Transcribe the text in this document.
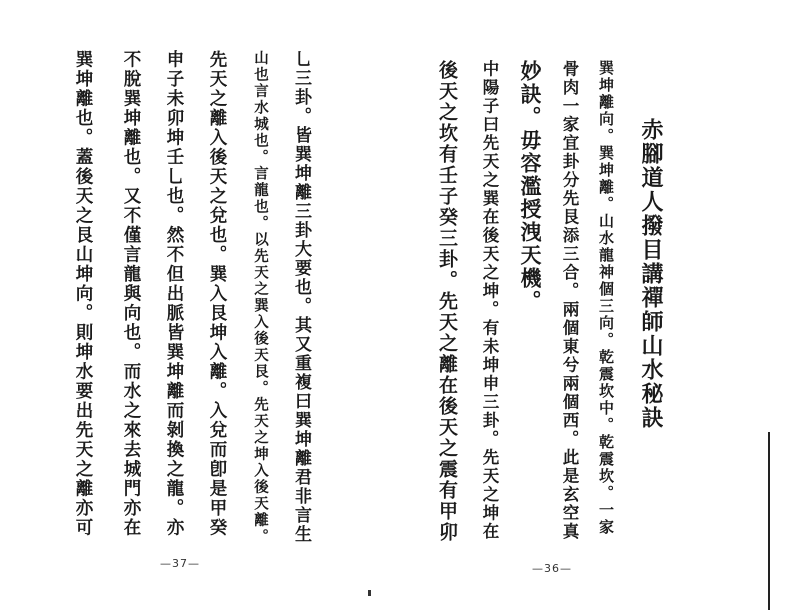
乚三卦。皆巽坤離三卦大要也。其又重複曰巽坤離君非言生
山也言水城也。言龍也。以先天之巽入後天艮。先天之坤入後天離。
先天之離入後天之兌也。巽入艮坤入離。入兌而卽是甲癸
申子未卯坤壬乚也。然不但出脈皆巽坤離而剝換之龍。亦
不脫巽坤離也。又不僅言龍與向也。而水之來去城門亦在
巽坤離也。蓋後天之艮山坤向。則坤水要出先天之離亦可
—37—
赤腳道人撥目講禪師山水秘訣
巽坤離向。巽坤離。山水龍神個三向。乾震坎中。乾震坎。一家
骨肉一家宜卦分先艮添三合。兩個東兮兩個西。此是玄空真
妙訣。毋容濫授洩天機。
中陽子曰先天之巽在後天之坤。有未坤申三卦。先天之坤在
後天之坎有壬子癸三卦。先天之離在後天之震有甲卯
—36—
